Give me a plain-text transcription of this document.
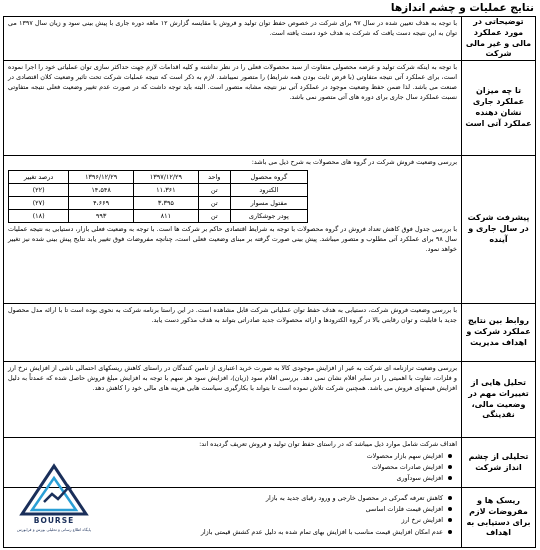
نتایج عملیات و چشم اندازها
توضیحاتی در مورد عملکرد مالی و غیر مالی شرکت

با توجه به هدف تعیین شده در سال ۹۷ برای شرکت در خصوص حفظ توان تولید و فروش با مقایسه گزارش ۱۲ ماهه دوره جاری با پیش بینی سود و زیان سال ۱۳۹۷ می توان به این نتیجه دست یافت که شرکت به هدف خود دست یافته است.

تا چه میزان عملکرد جاری نشان دهنده عملکرد آتی است

با توجه به اینکه شرکت تولید و عرضه محصولی متفاوت از سبد محصولات فعلی را در نظر نداشته و کلیه اقدامات لازم جهت حداکثر سازی توان عملیاتی خود را اجرا نموده است، برای عملکرد آتی نتیجه متفاوتی (با فرض ثابت بودن همه شرایط) را متصور نمیباشد. لازم به ذکر است که نتیجه عملیات شرکت تحت تاثیر وضعیت کلان اقتصادی در صنعت می باشد. لذا ضمن حفظ وضعیت موجود در عملکرد آتی نیز نتیجه مشابه متصور است. البته باید توجه داشت که در صورت عدم تغییر وضعیت فعلی نتیجه متفاوتی نسبت عملکرد سال جاری برای دوره های آتی متصور نمی باشد.

پیشرفت شرکت در سال جاری و آینده

بررسی وضعیت فروش شرکت در گروه های محصولات به شرح ذیل می باشد:

گروه محصول	واحد	۱۳۹۷/۱۲/۲۹	۱۳۹۶/۱۲/۲۹	درصد تغییر
الکترود	تن	۱۱،۳۶۱	۱۴،۵۴۸	(۲۲)
مفتول مسوار	تن	۳،۳۹۵	۴،۶۶۹	(۲۷)
پودر جوشکاری	تن	۸۱۱	۹۹۳	(۱۸)

با بررسی جدول فوق کاهش تعداد فروش در گروه محصولات با توجه به شرایط اقتصادی حاکم بر شرکت ها است. با توجه به وضعیت فعلی بازار، دستیابی به نتیجه عملیات سال ۹۸ برای عملکرد آتی مطلوب و متصور میباشد. پیش بینی صورت گرفته بر مبنای وضعیت فعلی است، چنانچه مفروضات فوق تغییر یابد نتایج پیش بینی شده نیز تغییر خواهد نمود.

روابط بین نتایج عملکرد شرکت و اهداف مدیریت

با بررسی وضعیت فروش شرکت، دستیابی به هدف حفظ توان عملیاتی شرکت قابل مشاهده است. در این راستا برنامه شرکت به نحوی بوده است تا با ارائه مدل محصول جدید با قابلیت و توان رقابتی بالا در گروه الکترودها و ارائه محصولات جدید صادراتی بتواند به هدف مذکور دست یابد.

تحلیل هایی از تغییرات مهم در وضعیت مالی، نقدینگی

بررسی وضعیت ترازنامه ای شرکت به غیر از افزایش موجودی کالا به صورت خرید اعتباری از تامین کنندگان در راستای کاهش ریسکهای احتمالی ناشی از افزایش نرخ ارز و فلزات، تفاوت با اهمیتی را در سایر اقلام نشان نمی دهد. بررسی اقلام سود (زیان)، افزایش سود هر سهم با توجه به افزایش مبلغ فروش حاصل شده که عمدتاً به دلیل افزایش قیمتهای فروش می باشد. همچنین شرکت تلاش نموده است تا بتواند با بکارگیری سیاست هایی هزینه های مالی خود را کاهش دهد.

تحلیلی از چشم انداز شرکت

اهداف شرکت شامل موارد ذیل میباشد که در راستای حفظ توان تولید و فروش تعریف گردیده اند:

افزایش سهم بازار محصولات
افزایش صادرات محصولات
افزایش سودآوری
ریسک ها و مفروضات لازم برای دستیابی به اهداف
کاهش تعرفه گمرکی در محصول خارجی و ورود رقبای جدید به بازار
افزایش قیمت فلزات اساسی
افزایش نرخ ارز
عدم امکان افزایش قیمت مناسب با افزایش بهای تمام شده به دلیل عدم کشش قیمتی بازار
BOURSE
پایگاه اطلاع رسانی و تحلیلی بورس و فرابورس
